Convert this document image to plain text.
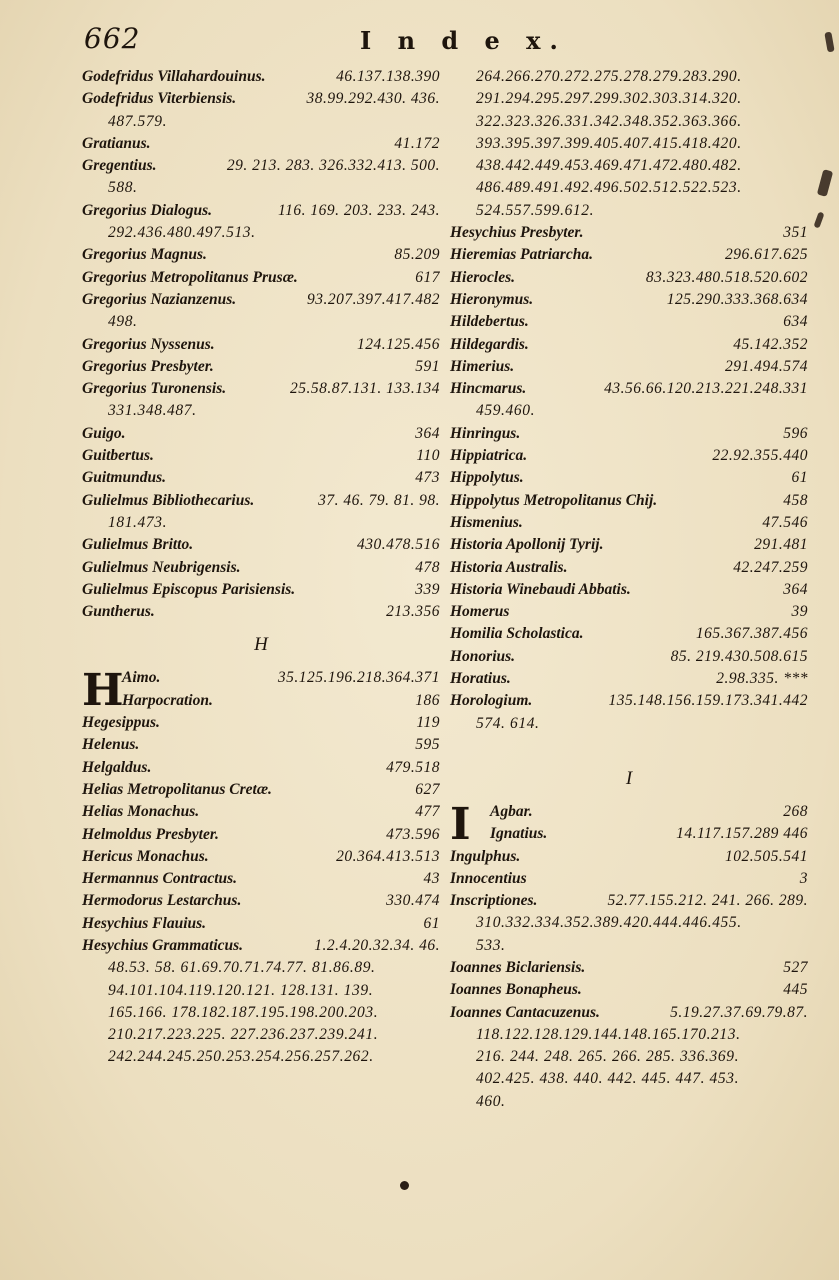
662	I n d e x.
Godefridus Villahardouinus.	46.137.138.390
Godefridus Viterbiensis.	38.99.292.430. 436.
487.579.
Gratianus.	41.172
Gregentius.	29. 213. 283. 326.332.413. 500.
588.
Gregorius Dialogus.	116. 169. 203. 233. 243.
292.436.480.497.513.
Gregorius Magnus.	85.209
Gregorius Metropolitanus Prusæ.	617
Gregorius Nazianzenus.	93.207.397.417.482
498.
Gregorius Nyssenus.	124.125.456
Gregorius Presbyter.	591
Gregorius Turonensis.	25.58.87.131. 133.134
331.348.487.
Guigo.	364
Guitbertus.	110
Guitmundus.	473
Gulielmus Bibliothecarius.	37. 46. 79. 81. 98.
181.473.
Gulielmus Britto.	430.478.516
Gulielmus Neubrigensis.	478
Gulielmus Episcopus Parisiensis.	339
Guntherus.	213.356
H
H
Aimo.	35.125.196.218.364.371
Harpocration.	186
Hegesippus.	119
Helenus.	595
Helgaldus.	479.518
Helias Metropolitanus Cretæ.	627
Helias Monachus.	477
Helmoldus Presbyter.	473.596
Hericus Monachus.	20.364.413.513
Hermannus Contractus.	43
Hermodorus Lestarchus.	330.474
Hesychius Flauius.	61
Hesychius Grammaticus.	1.2.4.20.32.34. 46.
48.53. 58. 61.69.70.71.74.77. 81.86.89.
94.101.104.119.120.121. 128.131. 139.
165.166. 178.182.187.195.198.200.203.
210.217.223.225. 227.236.237.239.241.
242.244.245.250.253.254.256.257.262.
264.266.270.272.275.278.279.283.290.
291.294.295.297.299.302.303.314.320.
322.323.326.331.342.348.352.363.366.
393.395.397.399.405.407.415.418.420.
438.442.449.453.469.471.472.480.482.
486.489.491.492.496.502.512.522.523.
524.557.599.612.
Hesychius Presbyter.	351
Hieremias Patriarcha.	296.617.625
Hierocles.	83.323.480.518.520.602
Hieronymus.	125.290.333.368.634
Hildebertus.	634
Hildegardis.	45.142.352
Himerius.	291.494.574
Hincmarus.	43.56.66.120.213.221.248.331
459.460.
Hinringus.	596
Hippiatrica.	22.92.355.440
Hippolytus.	61
Hippolytus Metropolitanus Chij.	458
Hismenius.	47.546
Historia Apollonij Tyrij.	291.481
Historia Australis.	42.247.259
Historia Winebaudi Abbatis.	364
Homerus	39
Homilia Scholastica.	165.367.387.456
Honorius.	85. 219.430.508.615
Horatius.	2.98.335. ***
Horologium.	135.148.156.159.173.341.442
574. 614.
I
I Agbar.	268
Ignatius.	14.117.157.289 446
Ingulphus.	102.505.541
Innocentius	3
Inscriptiones.	52.77.155.212. 241. 266. 289.
310.332.334.352.389.420.444.446.455.
533.
Ioannes Biclariensis.	527
Ioannes Bonapheus.	445
Ioannes Cantacuzenus.	5.19.27.37.69.79.87.
118.122.128.129.144.148.165.170.213.
216. 244. 248. 265. 266. 285. 336.369.
402.425. 438. 440. 442. 445. 447. 453.
460.
